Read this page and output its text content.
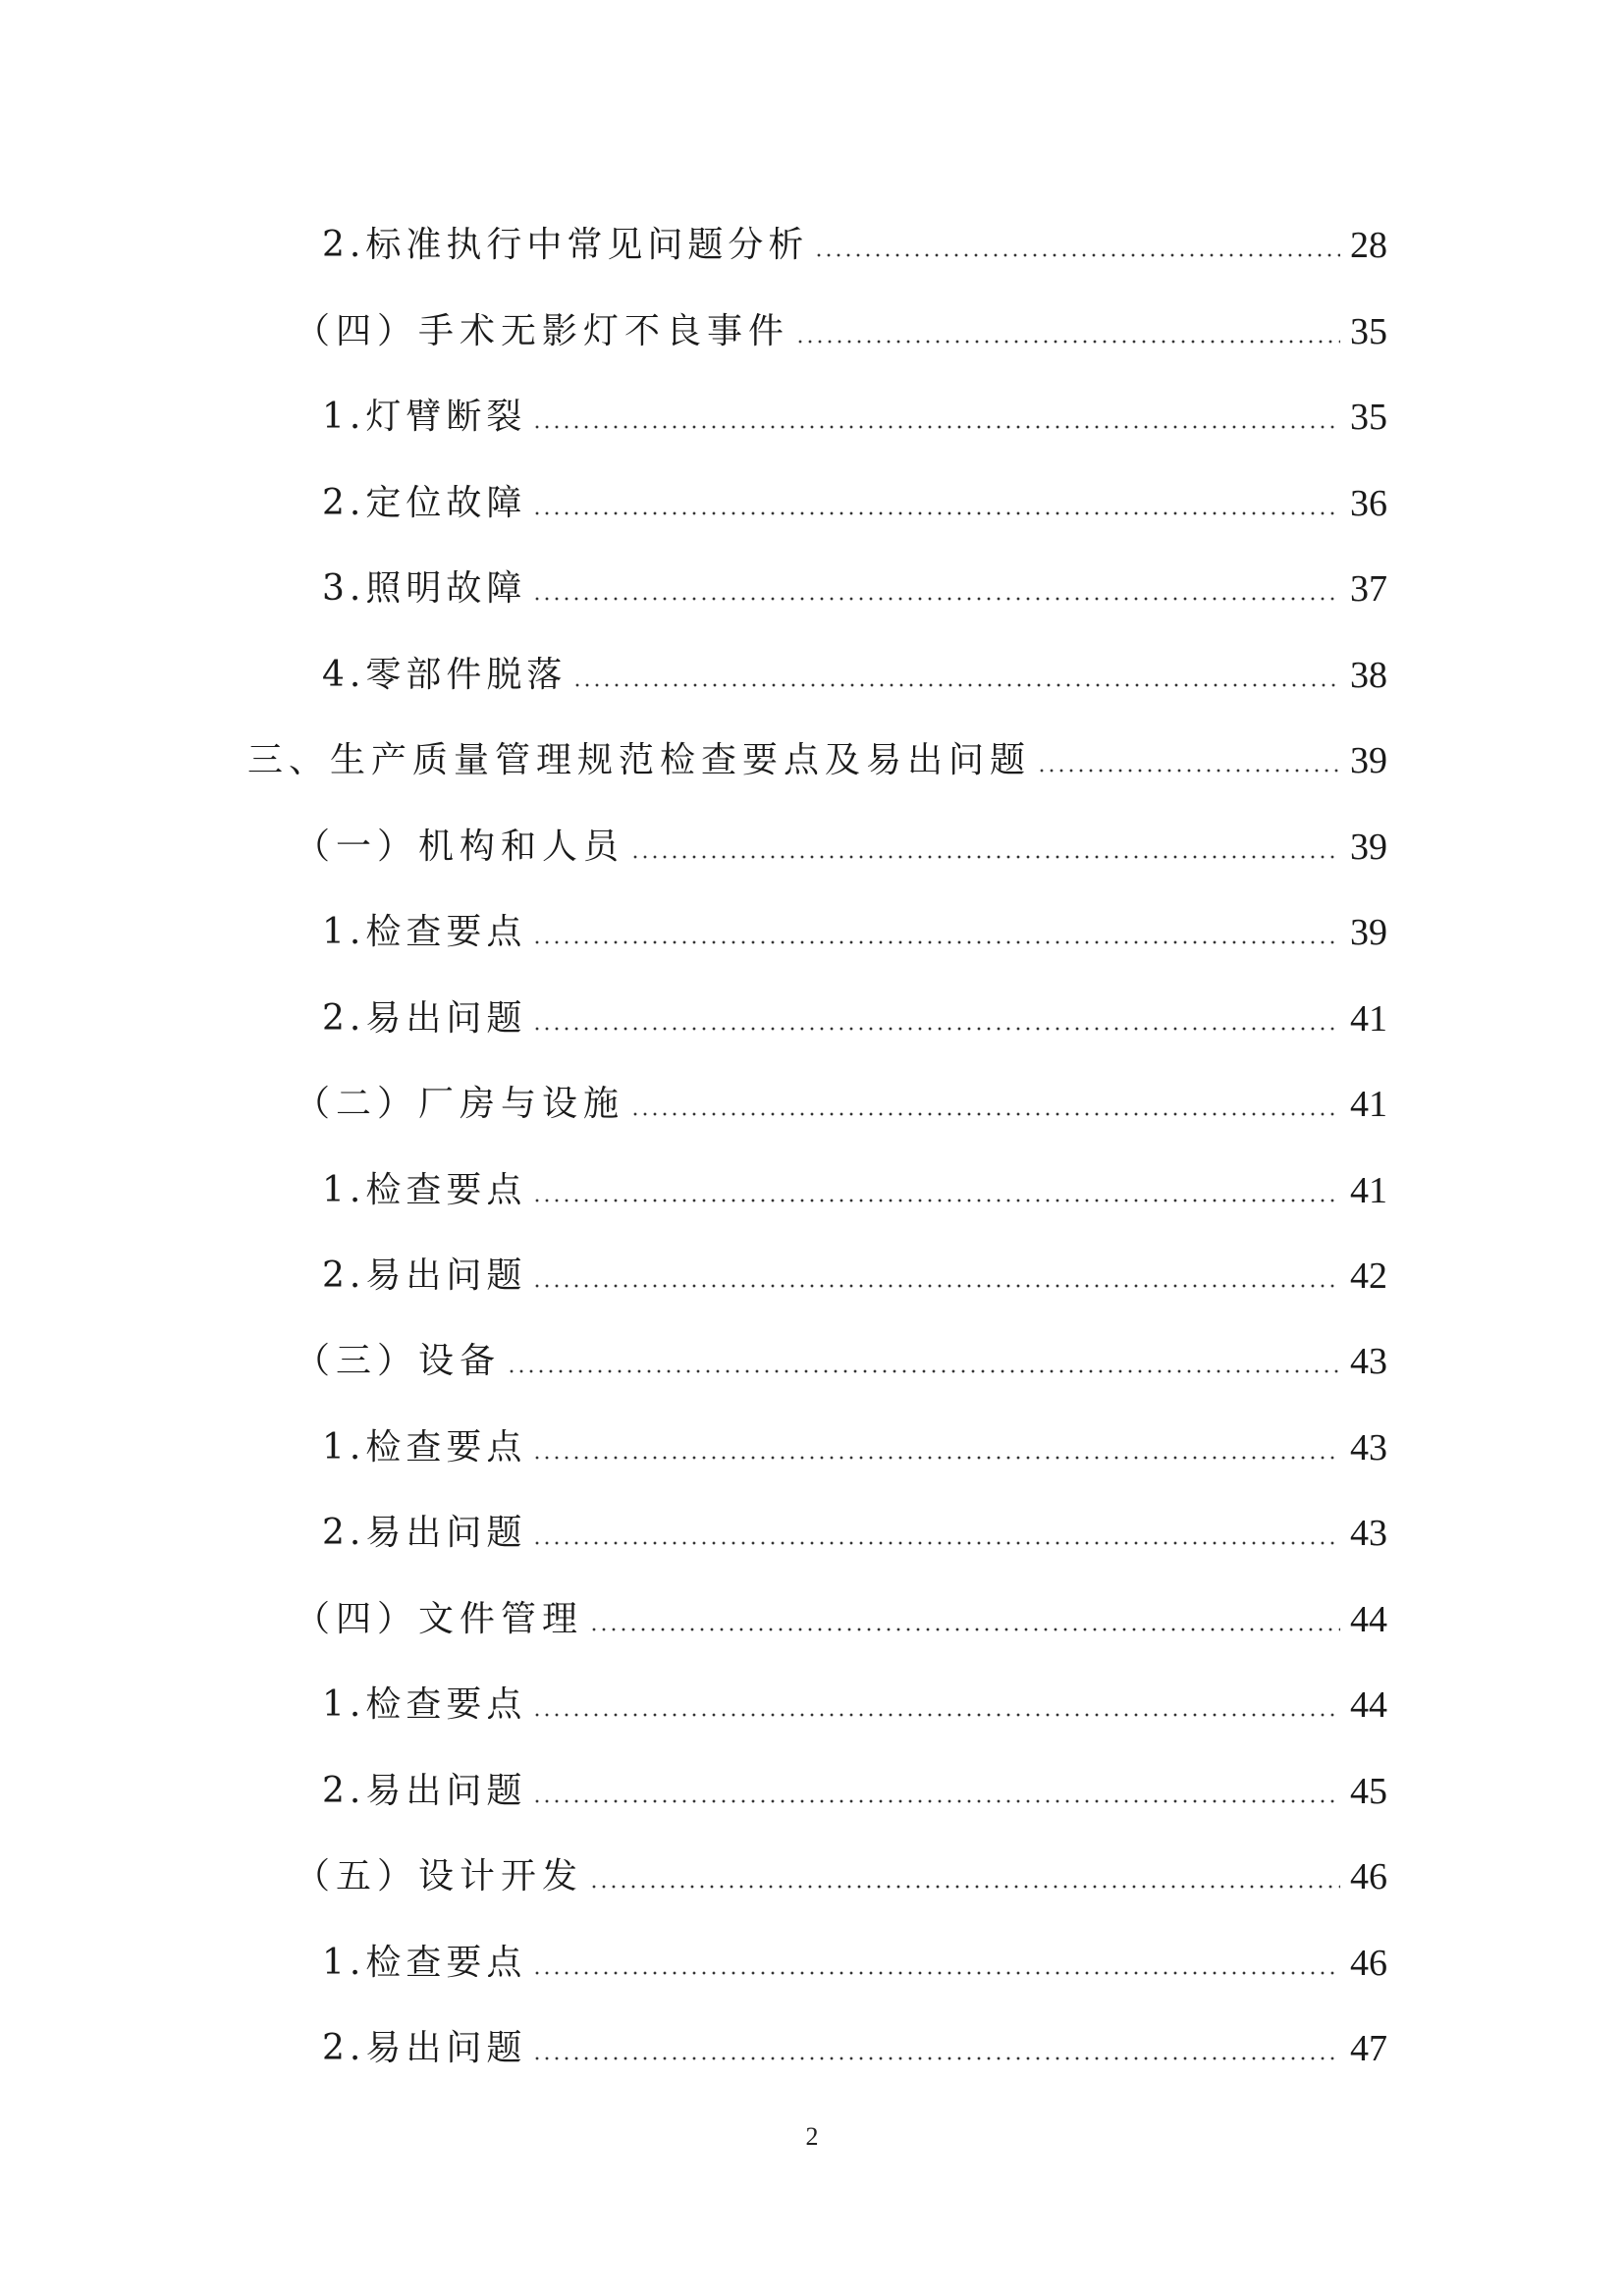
2.标准执行中常见问题分析	28
（四）手术无影灯不良事件	35
1.灯臂断裂	35
2.定位故障	36
3.照明故障	37
4.零部件脱落	38
三、生产质量管理规范检查要点及易出问题	39
（一）机构和人员	39
1.检查要点	39
2.易出问题	41
（二）厂房与设施	41
1.检查要点	41
2.易出问题	42
（三）设备	43
1.检查要点	43
2.易出问题	43
（四）文件管理	44
1.检查要点	44
2.易出问题	45
（五）设计开发	46
1.检查要点	46
2.易出问题	47
2
